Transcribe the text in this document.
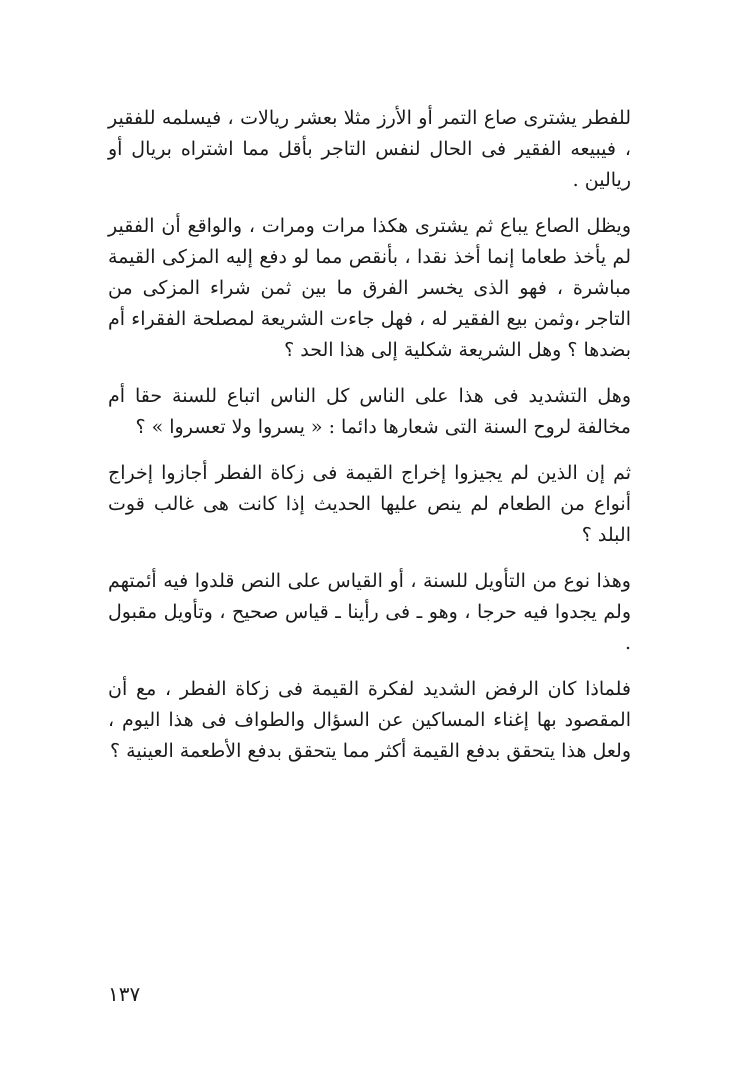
للفطر يشترى صاع التمر أو الأرز مثلا بعشر ريالات ، فيسلمه للفقير ، فيبيعه الفقير فى الحال لنفس التاجر بأقل مما اشتراه بريال أو ريالين .

ويظل الصاع يباع ثم يشترى هكذا مرات ومرات ، والواقع أن الفقير لم يأخذ طعاما إنما أخذ نقدا ، بأنقص مما لو دفع إليه المزكى القيمة مباشرة ، فهو الذى يخسر الفرق ما بين ثمن شراء المزكى من التاجر ،وثمن بيع الفقير له ، فهل جاءت الشريعة لمصلحة الفقراء أم بضدها ؟ وهل الشريعة شكلية إلى هذا الحد ؟

وهل التشديد فى هذا على الناس كل الناس اتباع للسنة حقا أم مخالفة لروح السنة التى شعارها دائما : « يسروا ولا تعسروا » ؟

ثم إن الذين لم يجيزوا إخراج القيمة فى زكاة الفطر أجازوا إخراج أنواع من الطعام لم ينص عليها الحديث إذا كانت هى غالب قوت البلد ؟

وهذا نوع من التأويل للسنة ، أو القياس على النص قلدوا فيه أئمتهم ولم يجدوا فيه حرجا ، وهو ـ فى رأينا ـ قياس صحيح ، وتأويل مقبول .

فلماذا كان الرفض الشديد لفكرة القيمة فى زكاة الفطر ، مع أن المقصود بها إغناء المساكين عن السؤال والطواف فى هذا اليوم ، ولعل هذا يتحقق بدفع القيمة أكثر مما يتحقق بدفع الأطعمة العينية ؟

١٣٧
